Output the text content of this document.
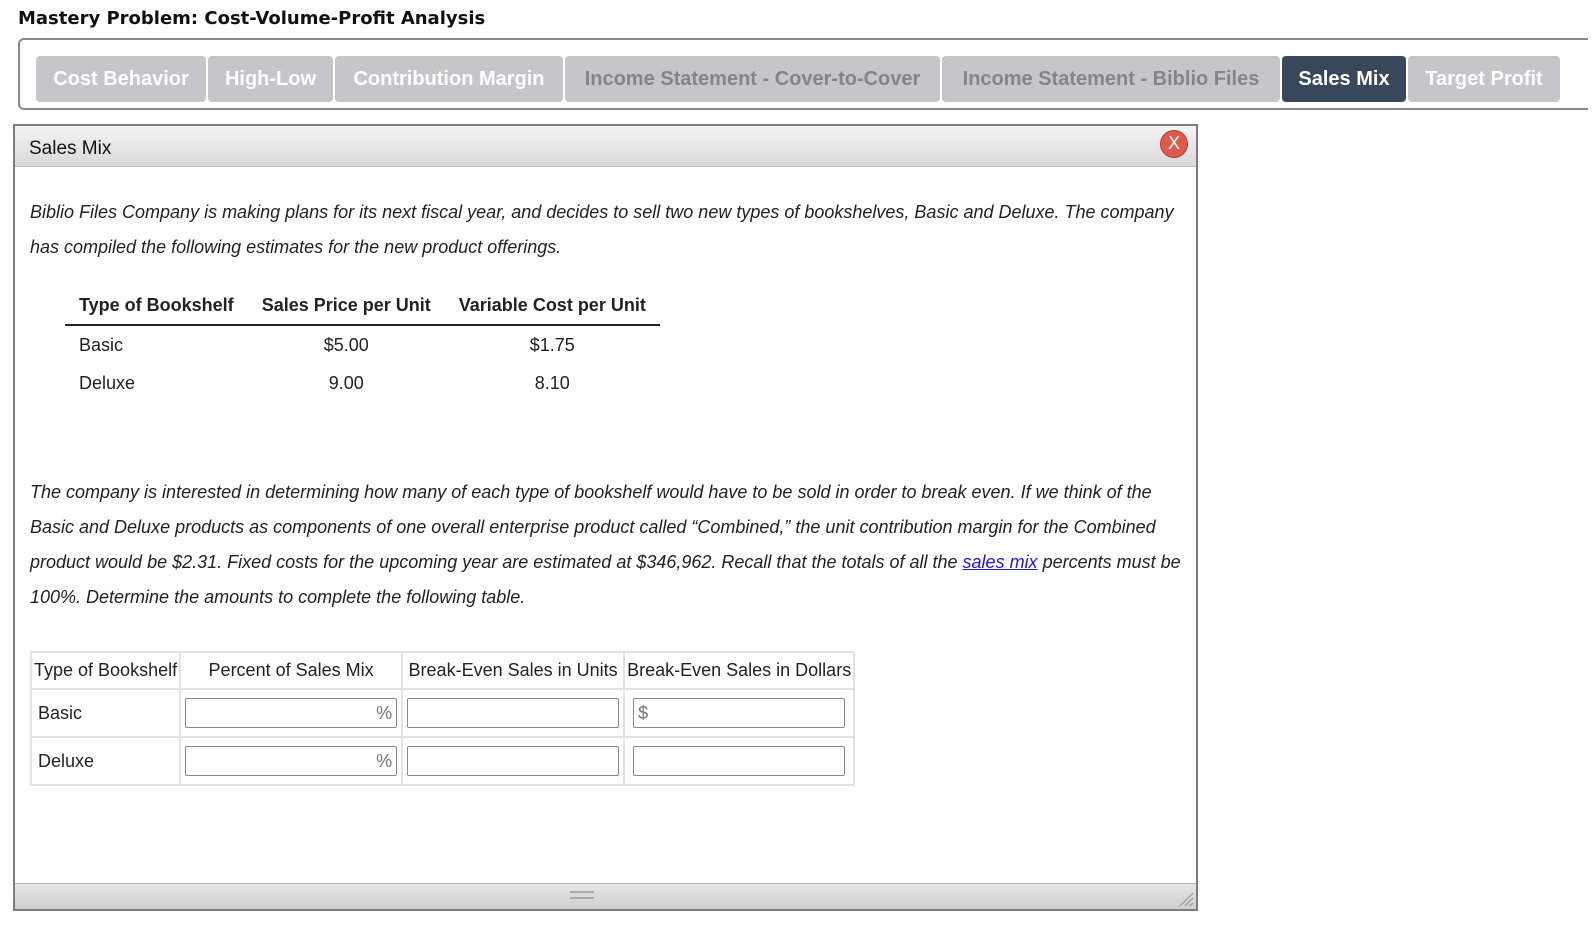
Mastery Problem: Cost-Volume-Profit Analysis
Cost Behavior	High-Low	Contribution Margin	Income Statement - Cover-to-Cover	Income Statement - Biblio Files	Sales Mix	Target Profit
Sales Mix	X
Biblio Files Company is making plans for its next fiscal year, and decides to sell two new types of bookshelves, Basic and Deluxe. The company has compiled the following estimates for the new product offerings.
Type of Bookshelf	Sales Price per Unit	Variable Cost per Unit
Basic	$5.00	$1.75
Deluxe	9.00	8.10
The company is interested in determining how many of each type of bookshelf would have to be sold in order to break even. If we think of the Basic and Deluxe products as components of one overall enterprise product called “Combined,” the unit contribution margin for the Combined product would be $2.31. Fixed costs for the upcoming year are estimated at $346,962. Recall that the totals of all the sales mix percents must be 100%. Determine the amounts to complete the following table.
Type of Bookshelf	Percent of Sales Mix	Break-Even Sales in Units	Break-Even Sales in Dollars
Basic	%		$

Deluxe	%		
